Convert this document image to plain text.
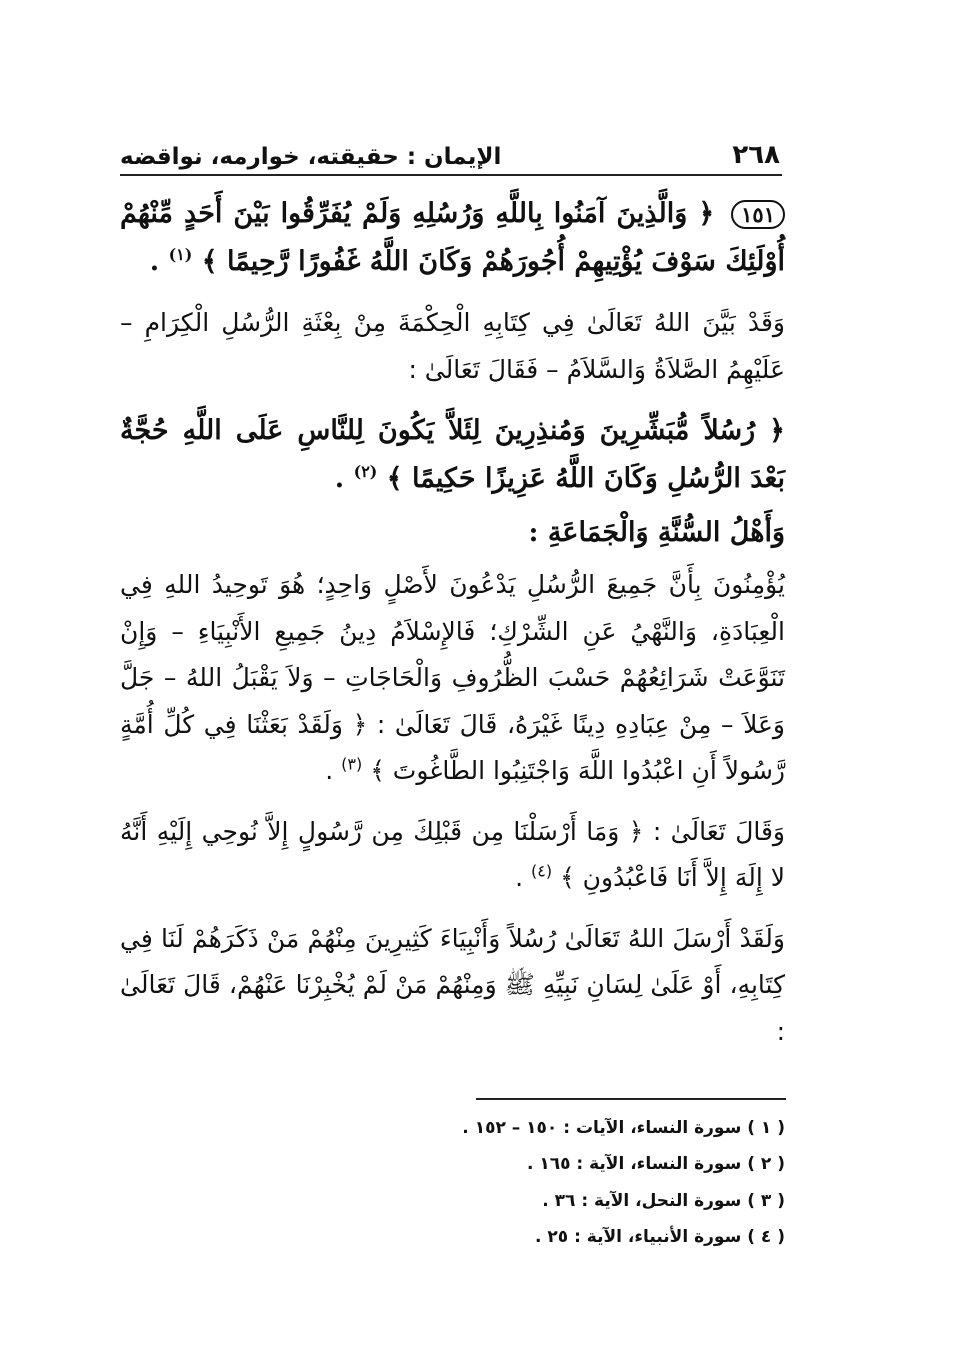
٢٦٨
الإيمان : حقيقته، خوارمه، نواقضه

١٥١ ﴿ وَالَّذِينَ آمَنُوا بِاللَّهِ وَرُسُلِهِ وَلَمْ يُفَرِّقُوا بَيْنَ أَحَدٍ مِّنْهُمْ أُوْلَئِكَ سَوْفَ يُؤْتِيهِمْ أُجُورَهُمْ وَكَانَ اللَّهُ غَفُورًا رَّحِيمًا ﴾ $^{(١)}$ .

وَقَدْ بَيَّنَ اللهُ تَعَالَىٰ فِي كِتَابِهِ الْحِكْمَةَ مِنْ بِعْثَةِ الرُّسُلِ الْكِرَامِ – عَلَيْهِمُ الصَّلاَةُ وَالسَّلاَمُ – فَقَالَ تَعَالَىٰ :

﴿ رُسُلاً مُّبَشِّرِينَ وَمُنذِرِينَ لِئَلاَّ يَكُونَ لِلنَّاسِ عَلَى اللَّهِ حُجَّةٌ بَعْدَ الرُّسُلِ وَكَانَ اللَّهُ عَزِيزًا حَكِيمًا ﴾ $^{(٢)}$ .

وَأَهْلُ السُّنَّةِ وَالْجَمَاعَةِ :

يُؤْمِنُونَ بِأَنَّ جَمِيعَ الرُّسُلِ يَدْعُونَ لأَصْلٍ وَاحِدٍ؛ هُوَ تَوحِيدُ اللهِ فِي الْعِبَادَةِ، وَالنَّهْيُ عَنِ الشِّرْكِ؛ فَالإِسْلاَمُ دِينُ جَمِيعِ الأَنْبِيَاءِ – وَإِنْ تَنَوَّعَتْ شَرَائِعُهُمْ حَسْبَ الظُّرُوفِ وَالْحَاجَاتِ – وَلاَ يَقْبَلُ اللهُ – جَلَّ وَعَلاَ – مِنْ عِبَادِهِ دِينًا غَيْرَهُ، قَالَ تَعَالَىٰ : ﴿ وَلَقَدْ بَعَثْنَا فِي كُلِّ أُمَّةٍ رَّسُولاً أَنِ اعْبُدُوا اللَّهَ وَاجْتَنِبُوا الطَّاغُوتَ ﴾ $^{(٣)}$ .

وَقَالَ تَعَالَىٰ : ﴿ وَمَا أَرْسَلْنَا مِن قَبْلِكَ مِن رَّسُولٍ إِلاَّ نُوحِي إِلَيْهِ أَنَّهُ لا إِلَهَ إِلاَّ أَنَا فَاعْبُدُونِ ﴾ $^{(٤)}$ .

وَلَقَدْ أَرْسَلَ اللهُ تَعَالَىٰ رُسُلاً وَأَنْبِيَاءَ كَثِيرِينَ مِنْهُمْ مَنْ ذَكَرَهُمْ لَنَا فِي كِتَابِهِ، أَوْ عَلَىٰ لِسَانِ نَبِيِّهِ ﷺ وَمِنْهُمْ مَنْ لَمْ يُخْبِرْنَا عَنْهُمْ، قَالَ تَعَالَىٰ :

( ١ ) سورة النساء، الآيات : ١٥٠ – ١٥٢ .

( ٢ ) سورة النساء، الآية : ١٦٥ .

( ٣ ) سورة النحل، الآية : ٣٦ .

( ٤ ) سورة الأنبياء، الآية : ٢٥ .
